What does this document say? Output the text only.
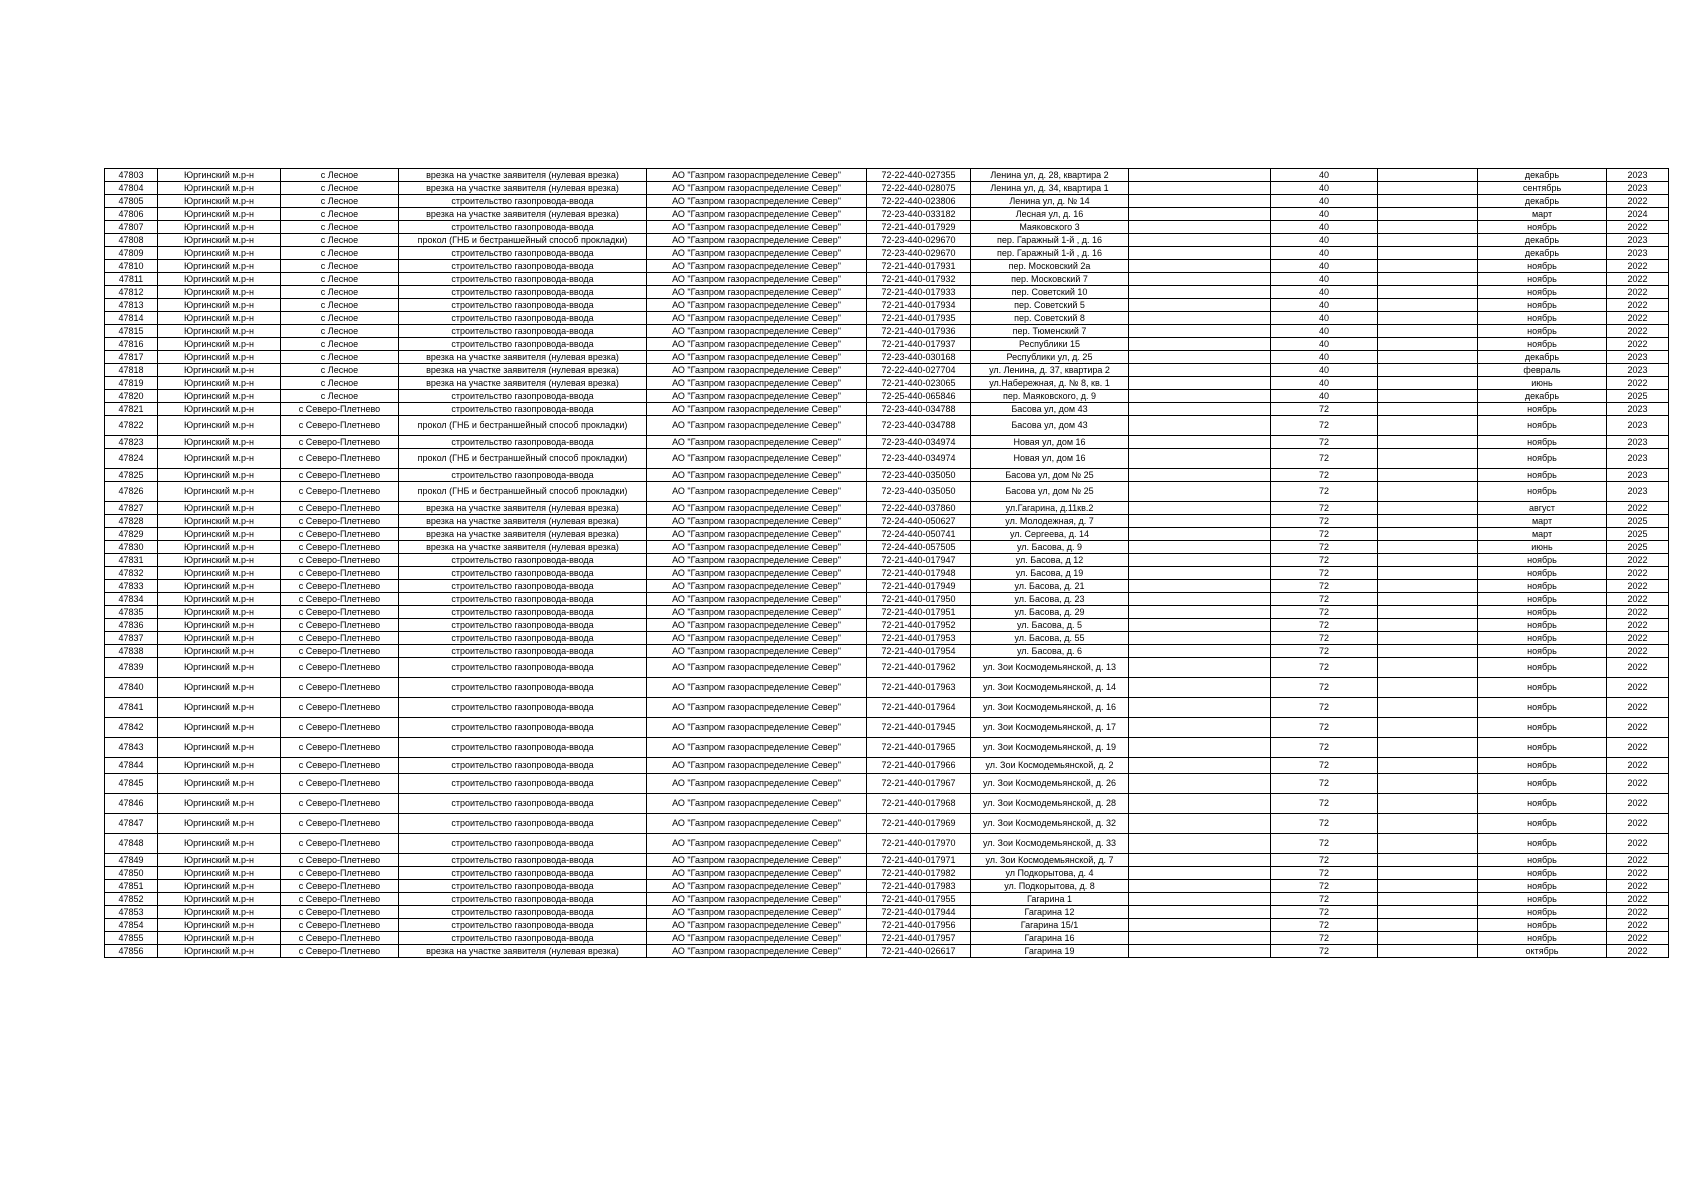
47803	Юргинский м.р-н	с Лесное	врезка на участке заявителя (нулевая врезка)	АО "Газпром газораспределение Север"	72-22-440-027355	Ленина ул, д. 28, квартира 2		40		декабрь	2023
47804	Юргинский м.р-н	с Лесное	врезка на участке заявителя (нулевая врезка)	АО "Газпром газораспределение Север"	72-22-440-028075	Ленина ул, д. 34, квартира 1		40		сентябрь	2023
47805	Юргинский м.р-н	с Лесное	строительство газопровода-ввода	АО "Газпром газораспределение Север"	72-22-440-023806	Ленина ул, д. № 14		40		декабрь	2022
47806	Юргинский м.р-н	с Лесное	врезка на участке заявителя (нулевая врезка)	АО "Газпром газораспределение Север"	72-23-440-033182	Лесная ул, д. 16		40		март	2024
47807	Юргинский м.р-н	с Лесное	строительство газопровода-ввода	АО "Газпром газораспределение Север"	72-21-440-017929	Маяковского 3		40		ноябрь	2022
47808	Юргинский м.р-н	с Лесное	прокол (ГНБ и бестраншейный способ прокладки)	АО "Газпром газораспределение Север"	72-23-440-029670	пер. Гаражный 1-й , д. 16		40		декабрь	2023
47809	Юргинский м.р-н	с Лесное	строительство газопровода-ввода	АО "Газпром газораспределение Север"	72-23-440-029670	пер. Гаражный 1-й , д. 16		40		декабрь	2023
47810	Юргинский м.р-н	с Лесное	строительство газопровода-ввода	АО "Газпром газораспределение Север"	72-21-440-017931	пер. Московский 2а		40		ноябрь	2022
47811	Юргинский м.р-н	с Лесное	строительство газопровода-ввода	АО "Газпром газораспределение Север"	72-21-440-017932	пер. Московский 7		40		ноябрь	2022
47812	Юргинский м.р-н	с Лесное	строительство газопровода-ввода	АО "Газпром газораспределение Север"	72-21-440-017933	пер. Советский 10		40		ноябрь	2022
47813	Юргинский м.р-н	с Лесное	строительство газопровода-ввода	АО "Газпром газораспределение Север"	72-21-440-017934	пер. Советский 5		40		ноябрь	2022
47814	Юргинский м.р-н	с Лесное	строительство газопровода-ввода	АО "Газпром газораспределение Север"	72-21-440-017935	пер. Советский 8		40		ноябрь	2022
47815	Юргинский м.р-н	с Лесное	строительство газопровода-ввода	АО "Газпром газораспределение Север"	72-21-440-017936	пер. Тюменский 7		40		ноябрь	2022
47816	Юргинский м.р-н	с Лесное	строительство газопровода-ввода	АО "Газпром газораспределение Север"	72-21-440-017937	Республики 15		40		ноябрь	2022
47817	Юргинский м.р-н	с Лесное	врезка на участке заявителя (нулевая врезка)	АО "Газпром газораспределение Север"	72-23-440-030168	Республики ул, д. 25		40		декабрь	2023
47818	Юргинский м.р-н	с Лесное	врезка на участке заявителя (нулевая врезка)	АО "Газпром газораспределение Север"	72-22-440-027704	ул. Ленина, д. 37, квартира 2		40		февраль	2023
47819	Юргинский м.р-н	с Лесное	врезка на участке заявителя (нулевая врезка)	АО "Газпром газораспределение Север"	72-21-440-023065	ул.Набережная, д. № 8, кв. 1		40		июнь	2022
47820	Юргинский м.р-н	с Лесное	строительство газопровода-ввода	АО "Газпром газораспределение Север"	72-25-440-065846	пер. Маяковского, д. 9		40		декабрь	2025
47821	Юргинский м.р-н	с Северо-Плетнево	строительство газопровода-ввода	АО "Газпром газораспределение Север"	72-23-440-034788	Басова ул, дом 43		72		ноябрь	2023
47822	Юргинский м.р-н	с Северо-Плетнево	прокол (ГНБ и бестраншейный способ прокладки)	АО "Газпром газораспределение Север"	72-23-440-034788	Басова ул, дом 43		72		ноябрь	2023
47823	Юргинский м.р-н	с Северо-Плетнево	строительство газопровода-ввода	АО "Газпром газораспределение Север"	72-23-440-034974	Новая ул, дом 16		72		ноябрь	2023
47824	Юргинский м.р-н	с Северо-Плетнево	прокол (ГНБ и бестраншейный способ прокладки)	АО "Газпром газораспределение Север"	72-23-440-034974	Новая ул, дом 16		72		ноябрь	2023
47825	Юргинский м.р-н	с Северо-Плетнево	строительство газопровода-ввода	АО "Газпром газораспределение Север"	72-23-440-035050	Басова ул, дом № 25		72		ноябрь	2023
47826	Юргинский м.р-н	с Северо-Плетнево	прокол (ГНБ и бестраншейный способ прокладки)	АО "Газпром газораспределение Север"	72-23-440-035050	Басова ул, дом № 25		72		ноябрь	2023
47827	Юргинский м.р-н	с Северо-Плетнево	врезка на участке заявителя (нулевая врезка)	АО "Газпром газораспределение Север"	72-22-440-037860	ул.Гагарина, д.11кв.2		72		август	2022
47828	Юргинский м.р-н	с Северо-Плетнево	врезка на участке заявителя (нулевая врезка)	АО "Газпром газораспределение Север"	72-24-440-050627	ул. Молодежная, д. 7		72		март	2025
47829	Юргинский м.р-н	с Северо-Плетнево	врезка на участке заявителя (нулевая врезка)	АО "Газпром газораспределение Север"	72-24-440-050741	ул. Сергеева, д. 14		72		март	2025
47830	Юргинский м.р-н	с Северо-Плетнево	врезка на участке заявителя (нулевая врезка)	АО "Газпром газораспределение Север"	72-24-440-057505	ул. Басова, д. 9		72		июнь	2025
47831	Юргинский м.р-н	с Северо-Плетнево	строительство газопровода-ввода	АО "Газпром газораспределение Север"	72-21-440-017947	ул. Басова, д 12		72		ноябрь	2022
47832	Юргинский м.р-н	с Северо-Плетнево	строительство газопровода-ввода	АО "Газпром газораспределение Север"	72-21-440-017948	ул. Басова, д 19		72		ноябрь	2022
47833	Юргинский м.р-н	с Северо-Плетнево	строительство газопровода-ввода	АО "Газпром газораспределение Север"	72-21-440-017949	ул. Басова, д. 21		72		ноябрь	2022
47834	Юргинский м.р-н	с Северо-Плетнево	строительство газопровода-ввода	АО "Газпром газораспределение Север"	72-21-440-017950	ул. Басова, д. 23		72		ноябрь	2022
47835	Юргинский м.р-н	с Северо-Плетнево	строительство газопровода-ввода	АО "Газпром газораспределение Север"	72-21-440-017951	ул. Басова, д. 29		72		ноябрь	2022
47836	Юргинский м.р-н	с Северо-Плетнево	строительство газопровода-ввода	АО "Газпром газораспределение Север"	72-21-440-017952	ул. Басова, д. 5		72		ноябрь	2022
47837	Юргинский м.р-н	с Северо-Плетнево	строительство газопровода-ввода	АО "Газпром газораспределение Север"	72-21-440-017953	ул. Басова, д. 55		72		ноябрь	2022
47838	Юргинский м.р-н	с Северо-Плетнево	строительство газопровода-ввода	АО "Газпром газораспределение Север"	72-21-440-017954	ул. Басова, д. 6		72		ноябрь	2022
47839	Юргинский м.р-н	с Северо-Плетнево	строительство газопровода-ввода	АО "Газпром газораспределение Север"	72-21-440-017962	ул. Зои Космодемьянской, д. 13		72		ноябрь	2022
47840	Юргинский м.р-н	с Северо-Плетнево	строительство газопровода-ввода	АО "Газпром газораспределение Север"	72-21-440-017963	ул. Зои Космодемьянской, д. 14		72		ноябрь	2022
47841	Юргинский м.р-н	с Северо-Плетнево	строительство газопровода-ввода	АО "Газпром газораспределение Север"	72-21-440-017964	ул. Зои Космодемьянской, д. 16		72		ноябрь	2022
47842	Юргинский м.р-н	с Северо-Плетнево	строительство газопровода-ввода	АО "Газпром газораспределение Север"	72-21-440-017945	ул. Зои Космодемьянской, д. 17		72		ноябрь	2022
47843	Юргинский м.р-н	с Северо-Плетнево	строительство газопровода-ввода	АО "Газпром газораспределение Север"	72-21-440-017965	ул. Зои Космодемьянской, д. 19		72		ноябрь	2022
47844	Юргинский м.р-н	с Северо-Плетнево	строительство газопровода-ввода	АО "Газпром газораспределение Север"	72-21-440-017966	ул. Зои Космодемьянской, д. 2		72		ноябрь	2022
47845	Юргинский м.р-н	с Северо-Плетнево	строительство газопровода-ввода	АО "Газпром газораспределение Север"	72-21-440-017967	ул. Зои Космодемьянской, д. 26		72		ноябрь	2022
47846	Юргинский м.р-н	с Северо-Плетнево	строительство газопровода-ввода	АО "Газпром газораспределение Север"	72-21-440-017968	ул. Зои Космодемьянской, д. 28		72		ноябрь	2022
47847	Юргинский м.р-н	с Северо-Плетнево	строительство газопровода-ввода	АО "Газпром газораспределение Север"	72-21-440-017969	ул. Зои Космодемьянской, д. 32		72		ноябрь	2022
47848	Юргинский м.р-н	с Северо-Плетнево	строительство газопровода-ввода	АО "Газпром газораспределение Север"	72-21-440-017970	ул. Зои Космодемьянской, д. 33		72		ноябрь	2022
47849	Юргинский м.р-н	с Северо-Плетнево	строительство газопровода-ввода	АО "Газпром газораспределение Север"	72-21-440-017971	ул. Зои Космодемьянской, д. 7		72		ноябрь	2022
47850	Юргинский м.р-н	с Северо-Плетнево	строительство газопровода-ввода	АО "Газпром газораспределение Север"	72-21-440-017982	ул Подкорытова, д. 4		72		ноябрь	2022
47851	Юргинский м.р-н	с Северо-Плетнево	строительство газопровода-ввода	АО "Газпром газораспределение Север"	72-21-440-017983	ул. Подкорытова, д. 8		72		ноябрь	2022
47852	Юргинский м.р-н	с Северо-Плетнево	строительство газопровода-ввода	АО "Газпром газораспределение Север"	72-21-440-017955	Гагарина 1		72		ноябрь	2022
47853	Юргинский м.р-н	с Северо-Плетнево	строительство газопровода-ввода	АО "Газпром газораспределение Север"	72-21-440-017944	Гагарина 12		72		ноябрь	2022
47854	Юргинский м.р-н	с Северо-Плетнево	строительство газопровода-ввода	АО "Газпром газораспределение Север"	72-21-440-017956	Гагарина 15/1		72		ноябрь	2022
47855	Юргинский м.р-н	с Северо-Плетнево	строительство газопровода-ввода	АО "Газпром газораспределение Север"	72-21-440-017957	Гагарина 16		72		ноябрь	2022
47856	Юргинский м.р-н	с Северо-Плетнево	врезка на участке заявителя (нулевая врезка)	АО "Газпром газораспределение Север"	72-21-440-026617	Гагарина 19		72		октябрь	2022
